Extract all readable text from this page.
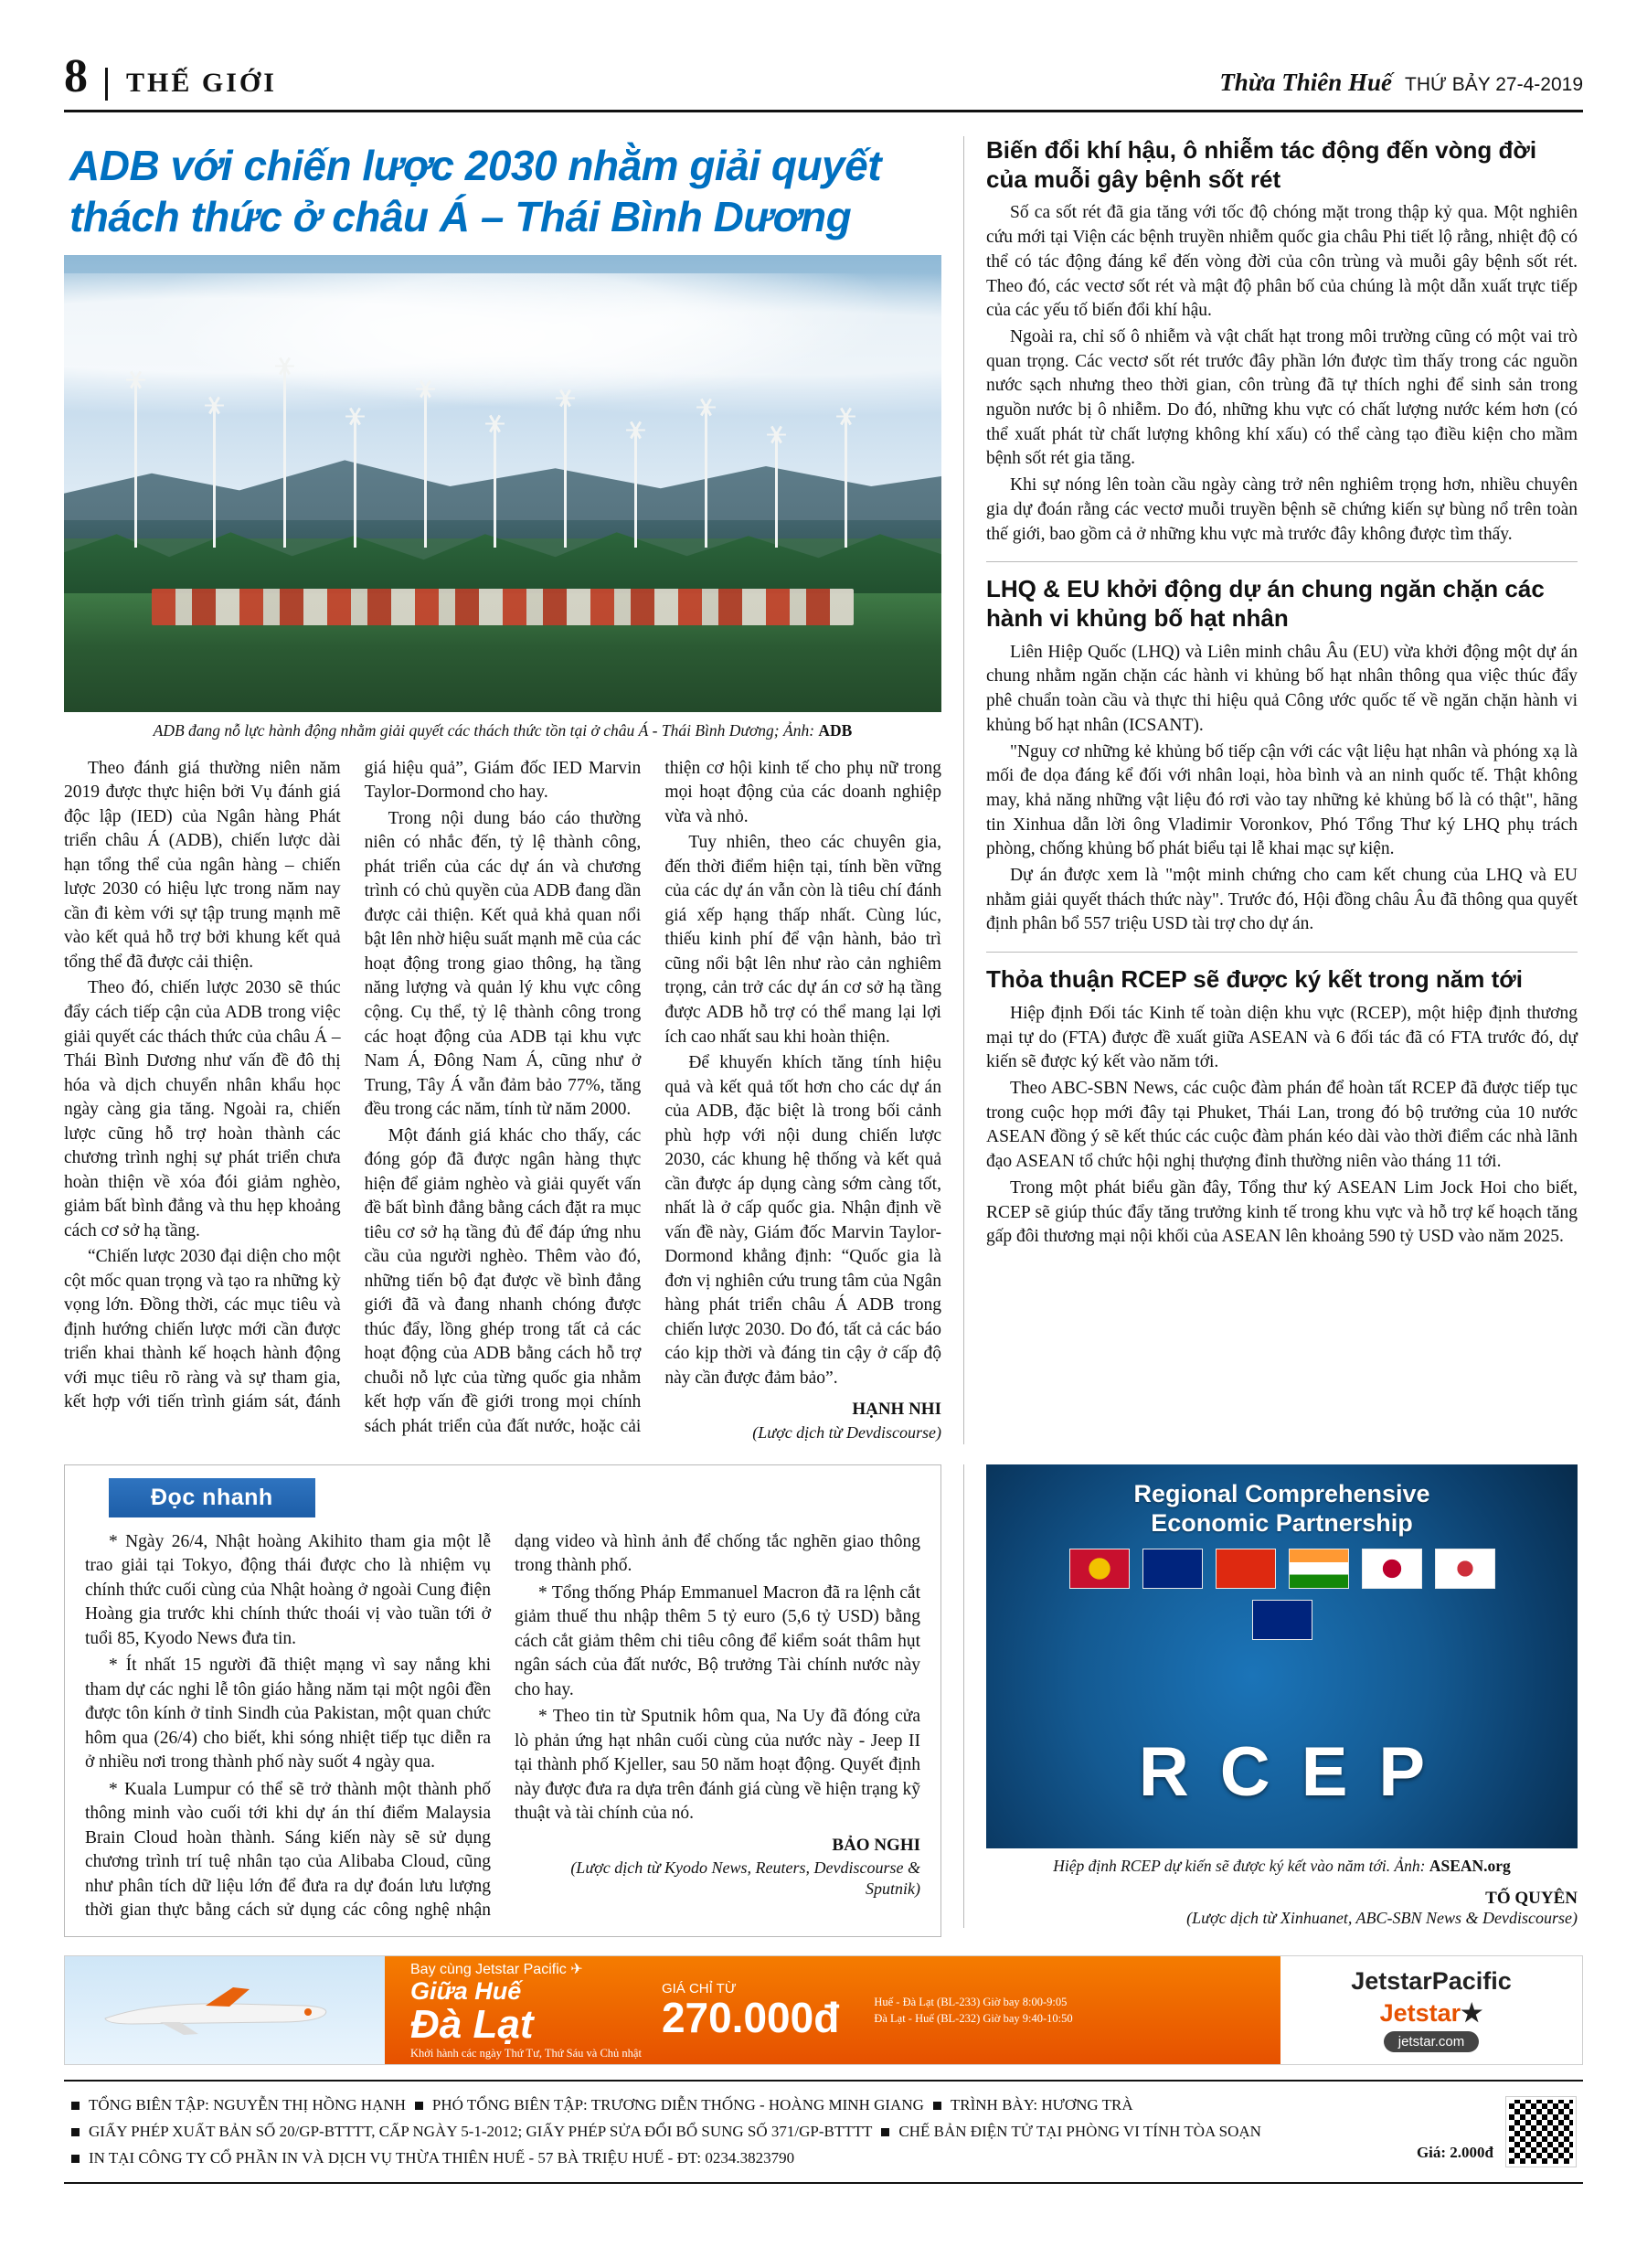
8	THẾ GIỚI	Thừa Thiên Huế THỨ BẢY 27-4-2019
ADB với chiến lược 2030 nhằm giải quyết thách thức ở châu Á – Thái Bình Dương
ADB đang nỗ lực hành động nhằm giải quyết các thách thức tồn tại ở châu Á - Thái Bình Dương; Ảnh: ADB

Theo đánh giá thường niên năm 2019 được thực hiện bởi Vụ đánh giá độc lập (IED) của Ngân hàng Phát triển châu Á (ADB), chiến lược dài hạn tổng thể của ngân hàng – chiến lược 2030 có hiệu lực trong năm nay cần đi kèm với sự tập trung mạnh mẽ vào kết quả hỗ trợ bởi khung kết quả tổng thể đã được cải thiện.

Theo đó, chiến lược 2030 sẽ thúc đẩy cách tiếp cận của ADB trong việc giải quyết các thách thức của châu Á – Thái Bình Dương như vấn đề đô thị hóa và dịch chuyển nhân khẩu học ngày càng gia tăng. Ngoài ra, chiến lược cũng hỗ trợ hoàn thành các chương trình nghị sự phát triển chưa hoàn thiện về xóa đói giảm nghèo, giảm bất bình đẳng và thu hẹp khoảng cách cơ sở hạ tầng.

“Chiến lược 2030 đại diện cho một cột mốc quan trọng và tạo ra những kỳ vọng lớn. Đồng thời, các mục tiêu và định hướng chiến lược mới cần được triển khai thành kế hoạch hành động với mục tiêu rõ ràng và sự tham gia, kết hợp với tiến trình giám sát, đánh giá hiệu quả”, Giám đốc IED Marvin Taylor-Dormond cho hay.

Trong nội dung báo cáo thường niên có nhắc đến, tỷ lệ thành công, phát triển của các dự án và chương trình có chủ quyền của ADB đang dần được cải thiện. Kết quả khả quan nổi bật lên nhờ hiệu suất mạnh mẽ của các hoạt động trong giao thông, hạ tầng năng lượng và quản lý khu vực công cộng. Cụ thể, tỷ lệ thành công trong các hoạt động của ADB tại khu vực Nam Á, Đông Nam Á, cũng như ở Trung, Tây Á vẫn đảm bảo 77%, tăng đều trong các năm, tính từ năm 2000.

Một đánh giá khác cho thấy, các đóng góp đã được ngân hàng thực hiện để giảm nghèo và giải quyết vấn đề bất bình đẳng bằng cách đặt ra mục tiêu cơ sở hạ tầng đủ để đáp ứng nhu cầu của người nghèo. Thêm vào đó, những tiến bộ đạt được về bình đẳng giới đã và đang nhanh chóng được thúc đẩy, lồng ghép trong tất cả các hoạt động của ADB bằng cách hỗ trợ chuỗi nỗ lực của từng quốc gia nhằm kết hợp vấn đề giới trong mọi chính sách phát triển của đất nước, hoặc cải thiện cơ hội kinh tế cho phụ nữ trong mọi hoạt động của các doanh nghiệp vừa và nhỏ.

Tuy nhiên, theo các chuyên gia, đến thời điểm hiện tại, tính bền vững của các dự án vẫn còn là tiêu chí đánh giá xếp hạng thấp nhất. Cùng lúc, thiếu kinh phí để vận hành, bảo trì cũng nổi bật lên như rào cản nghiêm trọng, cản trở các dự án cơ sở hạ tầng được ADB hỗ trợ có thể mang lại lợi ích cao nhất sau khi hoàn thiện.

Để khuyến khích tăng tính hiệu quả và kết quả tốt hơn cho các dự án của ADB, đặc biệt là trong bối cảnh phù hợp với nội dung chiến lược 2030, các khung hệ thống và kết quả cần được áp dụng càng sớm càng tốt, nhất là ở cấp quốc gia. Nhận định về vấn đề này, Giám đốc Marvin Taylor-Dormond khẳng định: “Quốc gia là đơn vị nghiên cứu trung tâm của Ngân hàng phát triển châu Á ADB trong chiến lược 2030. Do đó, tất cả các báo cáo kịp thời và đáng tin cậy ở cấp độ này cần được đảm bảo”.

HẠNH NHI
(Lược dịch từ Devdiscourse)
Biến đổi khí hậu, ô nhiễm tác động đến vòng đời của muỗi gây bệnh sốt rét

Số ca sốt rét đã gia tăng với tốc độ chóng mặt trong thập kỷ qua. Một nghiên cứu mới tại Viện các bệnh truyền nhiễm quốc gia châu Phi tiết lộ rằng, nhiệt độ có thể có tác động đáng kể đến vòng đời của côn trùng và muỗi gây bệnh sốt rét. Theo đó, các vectơ sốt rét và mật độ phân bố của chúng là một dẫn xuất trực tiếp của các yếu tố biến đổi khí hậu.

Ngoài ra, chỉ số ô nhiễm và vật chất hạt trong môi trường cũng có một vai trò quan trọng. Các vectơ sốt rét trước đây phần lớn được tìm thấy trong các nguồn nước sạch nhưng theo thời gian, côn trùng đã tự thích nghi để sinh sản trong nguồn nước bị ô nhiễm. Do đó, những khu vực có chất lượng nước kém hơn (có thể xuất phát từ chất lượng không khí xấu) có thể càng tạo điều kiện cho mầm bệnh sốt rét gia tăng.

Khi sự nóng lên toàn cầu ngày càng trở nên nghiêm trọng hơn, nhiều chuyên gia dự đoán rằng các vectơ muỗi truyền bệnh sẽ chứng kiến sự bùng nổ trên toàn thế giới, bao gồm cả ở những khu vực mà trước đây không được tìm thấy.

LHQ & EU khởi động dự án chung ngăn chặn các hành vi khủng bố hạt nhân

Liên Hiệp Quốc (LHQ) và Liên minh châu Âu (EU) vừa khởi động một dự án chung nhằm ngăn chặn các hành vi khủng bố hạt nhân thông qua việc thúc đẩy phê chuẩn toàn cầu và thực thi hiệu quả Công ước quốc tế về ngăn chặn hành vi khủng bố hạt nhân (ICSANT).

"Nguy cơ những kẻ khủng bố tiếp cận với các vật liệu hạt nhân và phóng xạ là mối đe dọa đáng kể đối với nhân loại, hòa bình và an ninh quốc tế. Thật không may, khả năng những vật liệu đó rơi vào tay những kẻ khủng bố là có thật", hãng tin Xinhua dẫn lời ông Vladimir Voronkov, Phó Tổng Thư ký LHQ phụ trách phòng, chống khủng bố phát biểu tại lễ khai mạc sự kiện.

Dự án được xem là "một minh chứng cho cam kết chung của LHQ và EU nhằm giải quyết thách thức này". Trước đó, Hội đồng châu Âu đã thông qua quyết định phân bổ 557 triệu USD tài trợ cho dự án.

Thỏa thuận RCEP sẽ được ký kết trong năm tới

Hiệp định Đối tác Kinh tế toàn diện khu vực (RCEP), một hiệp định thương mại tự do (FTA) được đề xuất giữa ASEAN và 6 đối tác đã có FTA trước đó, dự kiến sẽ được ký kết vào năm tới.

Theo ABC-SBN News, các cuộc đàm phán để hoàn tất RCEP đã được tiếp tục trong cuộc họp mới đây tại Phuket, Thái Lan, trong đó bộ trưởng của 10 nước ASEAN đồng ý sẽ kết thúc các cuộc đàm phán kéo dài vào thời điểm các nhà lãnh đạo ASEAN tổ chức hội nghị thượng đỉnh thường niên vào tháng 11 tới.

Trong một phát biểu gần đây, Tổng thư ký ASEAN Lim Jock Hoi cho biết, RCEP sẽ giúp thúc đẩy tăng trưởng kinh tế trong khu vực và hỗ trợ kế hoạch tăng gấp đôi thương mại nội khối của ASEAN lên khoảng 590 tỷ USD vào năm 2025.

Đọc nhanh

* Ngày 26/4, Nhật hoàng Akihito tham gia một lễ trao giải tại Tokyo, động thái được cho là nhiệm vụ chính thức cuối cùng của Nhật hoàng ở ngoài Cung điện Hoàng gia trước khi chính thức thoái vị vào tuần tới ở tuổi 85, Kyodo News đưa tin.

* Ít nhất 15 người đã thiệt mạng vì say nắng khi tham dự các nghi lễ tôn giáo hằng năm tại một ngôi đền được tôn kính ở tỉnh Sindh của Pakistan, một quan chức hôm qua (26/4) cho biết, khi sóng nhiệt tiếp tục diễn ra ở nhiều nơi trong thành phố này suốt 4 ngày qua.

* Kuala Lumpur có thể sẽ trở thành một thành phố thông minh vào cuối tới khi dự án thí điểm Malaysia Brain Cloud hoàn thành. Sáng kiến này sẽ sử dụng chương trình trí tuệ nhân tạo của Alibaba Cloud, cũng như phân tích dữ liệu lớn để đưa ra dự đoán lưu lượng thời gian thực bằng cách sử dụng các công nghệ nhận dạng video và hình ảnh để chống tắc nghẽn giao thông trong thành phố.

* Tổng thống Pháp Emmanuel Macron đã ra lệnh cắt giảm thuế thu nhập thêm 5 tỷ euro (5,6 tỷ USD) bằng cách cắt giảm thêm chi tiêu công để kiểm soát thâm hụt ngân sách của đất nước, Bộ trưởng Tài chính nước này cho hay.

* Theo tin từ Sputnik hôm qua, Na Uy đã đóng cửa lò phản ứng hạt nhân cuối cùng của nước này - Jeep II tại thành phố Kjeller, sau 50 năm hoạt động. Quyết định này được đưa ra dựa trên đánh giá cùng về hiện trạng kỹ thuật và tài chính của nó.

BẢO NGHI
(Lược dịch từ Kyodo News, Reuters, Devdiscourse & Sputnik)
Regional Comprehensive
Economic Partnership
RCEP
Hiệp định RCEP dự kiến sẽ được ký kết vào năm tới. Ảnh: ASEAN.org
TỐ QUYÊN
(Lược dịch từ Xinhuanet, ABC-SBN News & Devdiscourse)
Bay cùng Jetstar Pacific ✈
Giữa Huế
Đà Lạt
Khởi hành các ngày Thứ Tư, Thứ Sáu và Chủ nhật
GIÁ CHỈ TỪ
270.000đ	Huế - Đà Lạt (BL-233) Giờ bay 8:00-9:05
Đà Lạt - Huế (BL-232) Giờ bay 9:40-10:50
JetstarPacific
Jetstar★
jetstar.com
TỔNG BIÊN TẬP: NGUYỄN THỊ HỒNG HẠNH PHÓ TỔNG BIÊN TẬP: TRƯƠNG DIỄN THỐNG - HOÀNG MINH GIANG TRÌNH BÀY: HƯƠNG TRÀ
GIẤY PHÉP XUẤT BẢN SỐ 20/GP-BTTTT, CẤP NGÀY 5-1-2012; GIẤY PHÉP SỬA ĐỔI BỔ SUNG SỐ 371/GP-BTTTT CHẾ BẢN ĐIỆN TỬ TẠI PHÒNG VI TÍNH TÒA SOẠN
IN TẠI CÔNG TY CỔ PHẦN IN VÀ DỊCH VỤ THỪA THIÊN HUẾ - 57 BÀ TRIỆU HUẾ - ĐT: 0234.3823790	Giá: 2.000đ
